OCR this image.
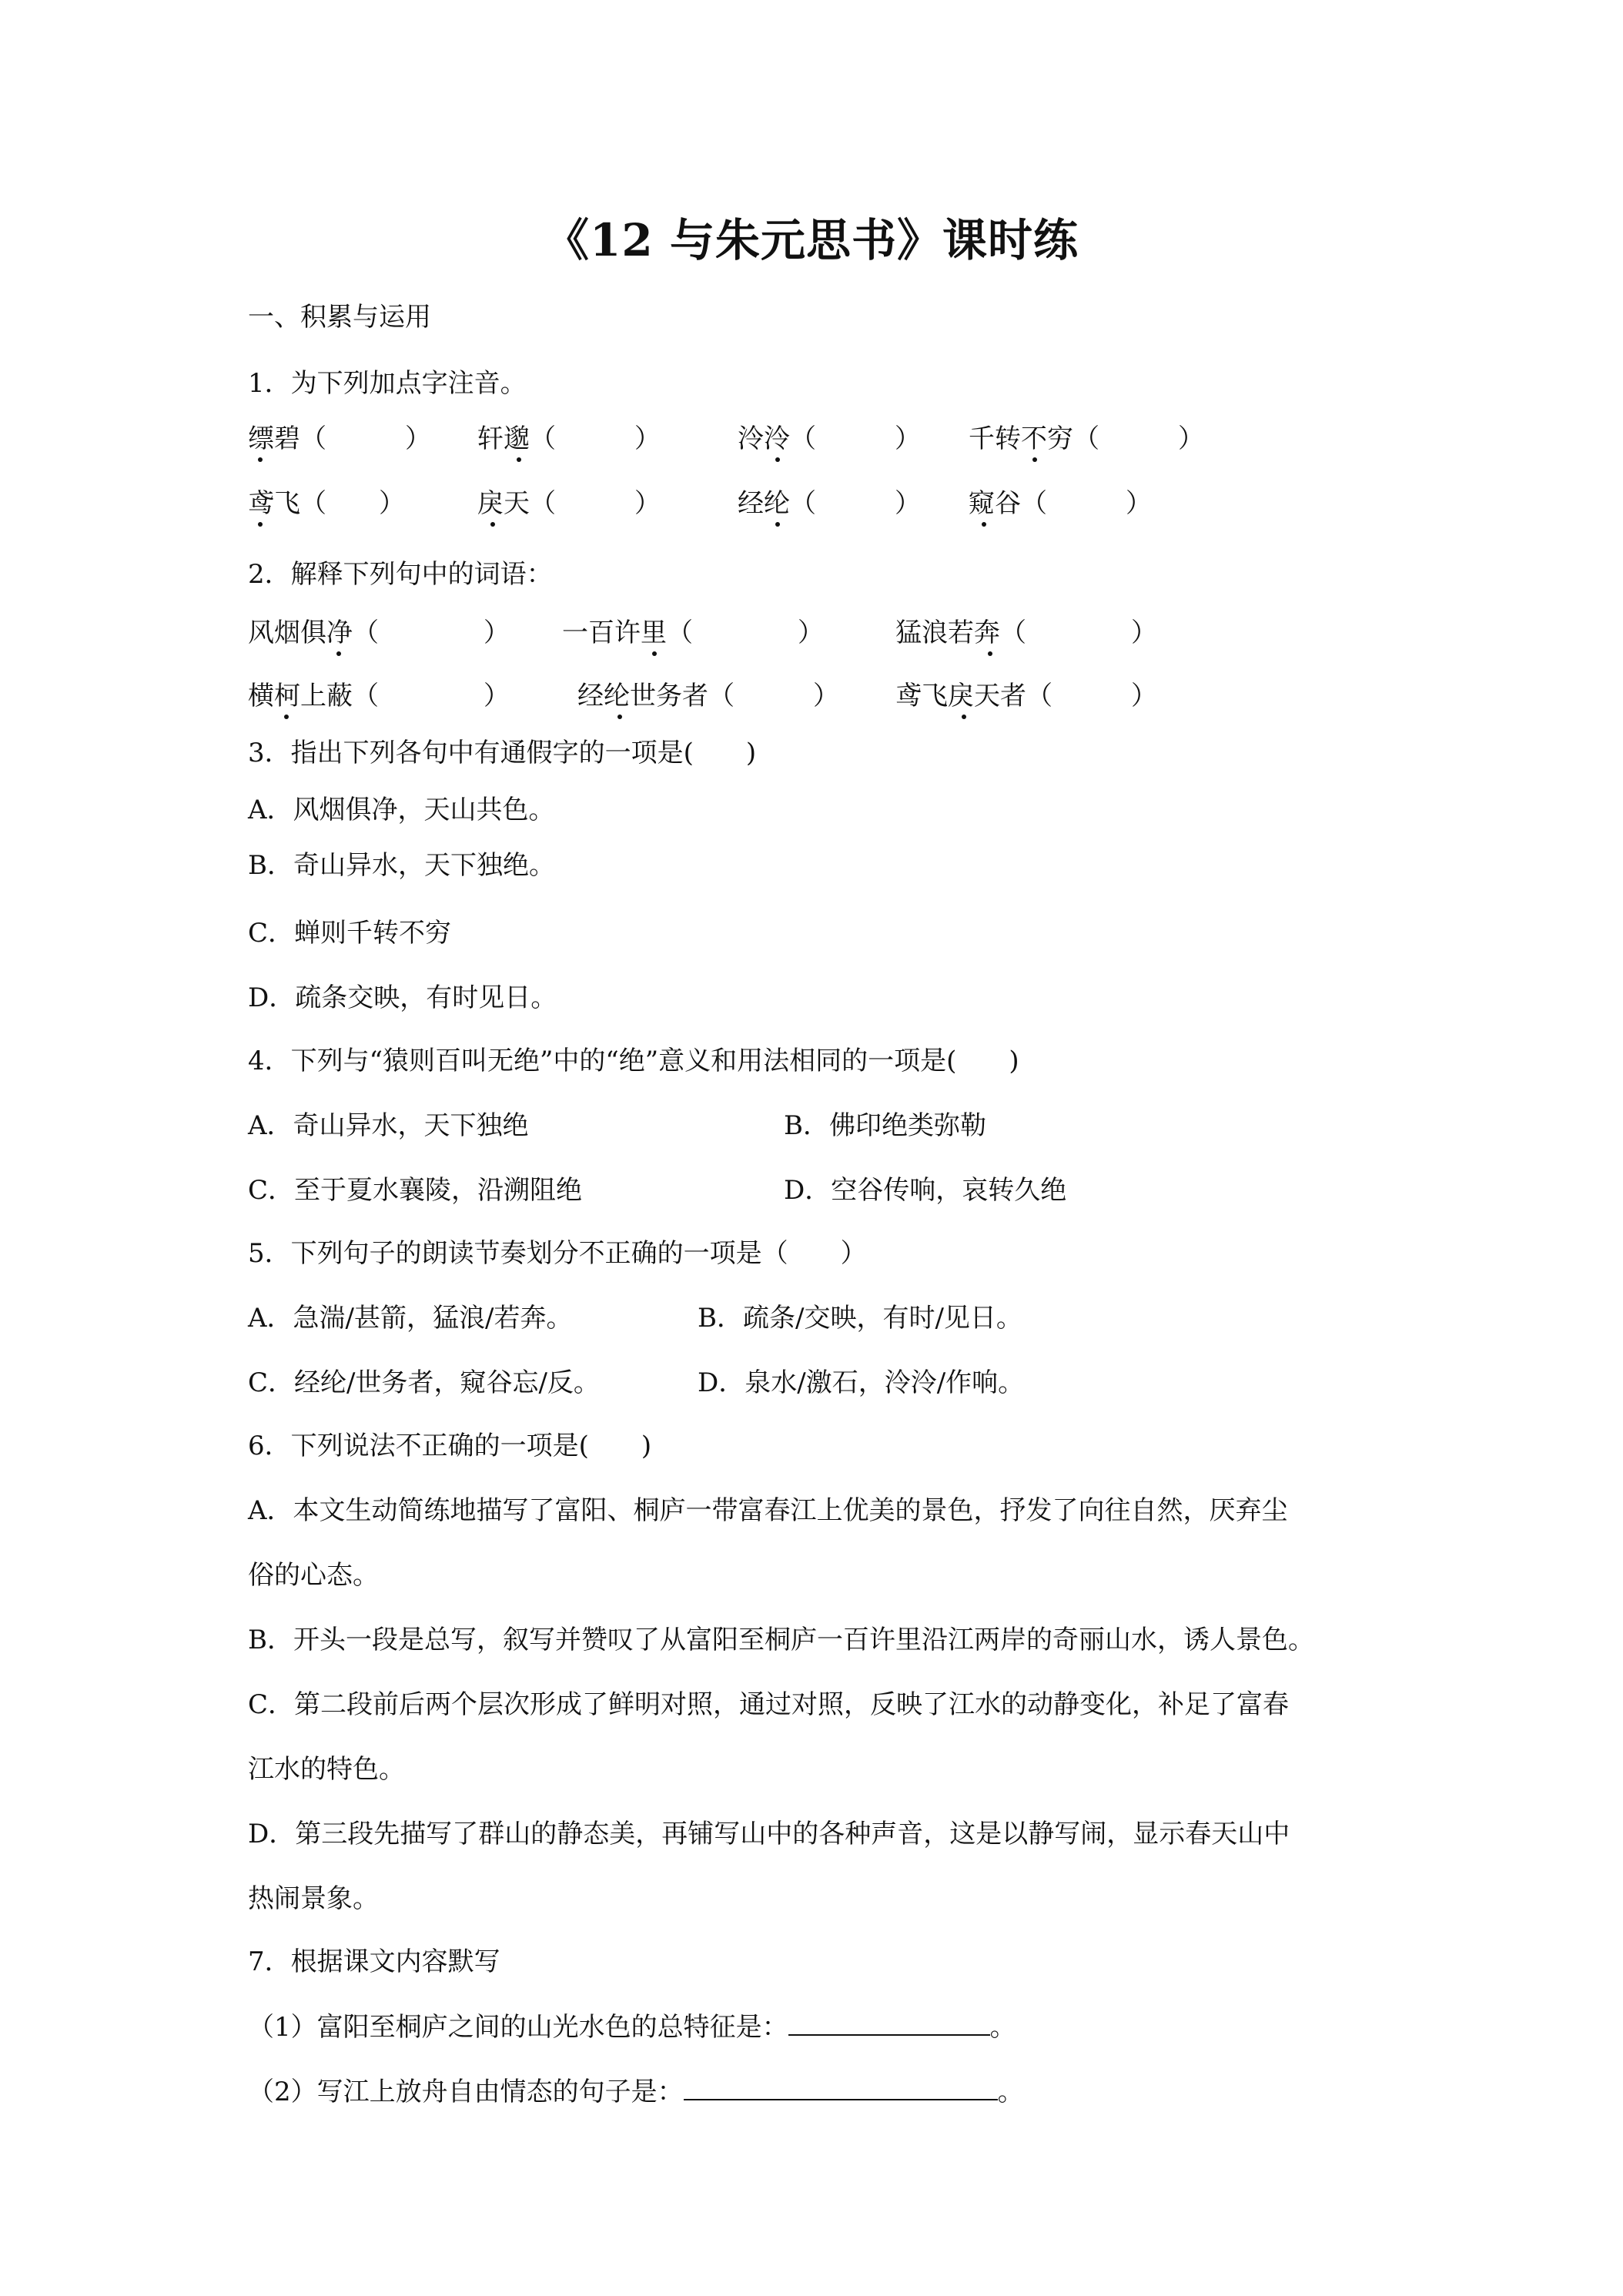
《12 与朱元思书》课时练
一、积累与运用
1．为下列加点字注音。
缥碧（　　　） 轩邈（　　　）	泠泠（　　　） 千转不穷（　　　）
鸢飞（　　）	戾天（　　　）	经纶（　　　） 窥谷（　　　）
2．解释下列句中的词语：
风烟俱净（　　　　） 一百许里（　　　　）	猛浪若奔（　　　　）
横柯上蔽（　　　　）	经纶世务者（　　　） 鸢飞戾天者（　　　）
3．指出下列各句中有通假字的一项是(　　)
A．风烟俱净，天山共色。
B．奇山异水，天下独绝。
C．蝉则千转不穷
D．疏条交映，有时见日。
4．下列与“猿则百叫无绝”中的“绝”意义和用法相同的一项是(　　)
A．奇山异水，天下独绝	B．佛印绝类弥勒
C．至于夏水襄陵，沿溯阻绝	D．空谷传响，哀转久绝
5．下列句子的朗读节奏划分不正确的一项是（　　）
A．急湍/甚箭，猛浪/若奔。	B．疏条/交映，有时/见日。
C．经纶/世务者，窥谷忘/反。	D．泉水/激石，泠泠/作响。
6．下列说法不正确的一项是(　　)
A．本文生动简练地描写了富阳、桐庐一带富春江上优美的景色，抒发了向往自然，厌弃尘
俗的心态。
B．开头一段是总写，叙写并赞叹了从富阳至桐庐一百许里沿江两岸的奇丽山水，诱人景色。
C．第二段前后两个层次形成了鲜明对照，通过对照，反映了江水的动静变化，补足了富春
江水的特色。
D．第三段先描写了群山的静态美，再铺写山中的各种声音，这是以静写闹，显示春天山中
热闹景象。
7．根据课文内容默写
（1）富阳至桐庐之间的山光水色的总特征是：	。
（2）写江上放舟自由情态的句子是：	。
